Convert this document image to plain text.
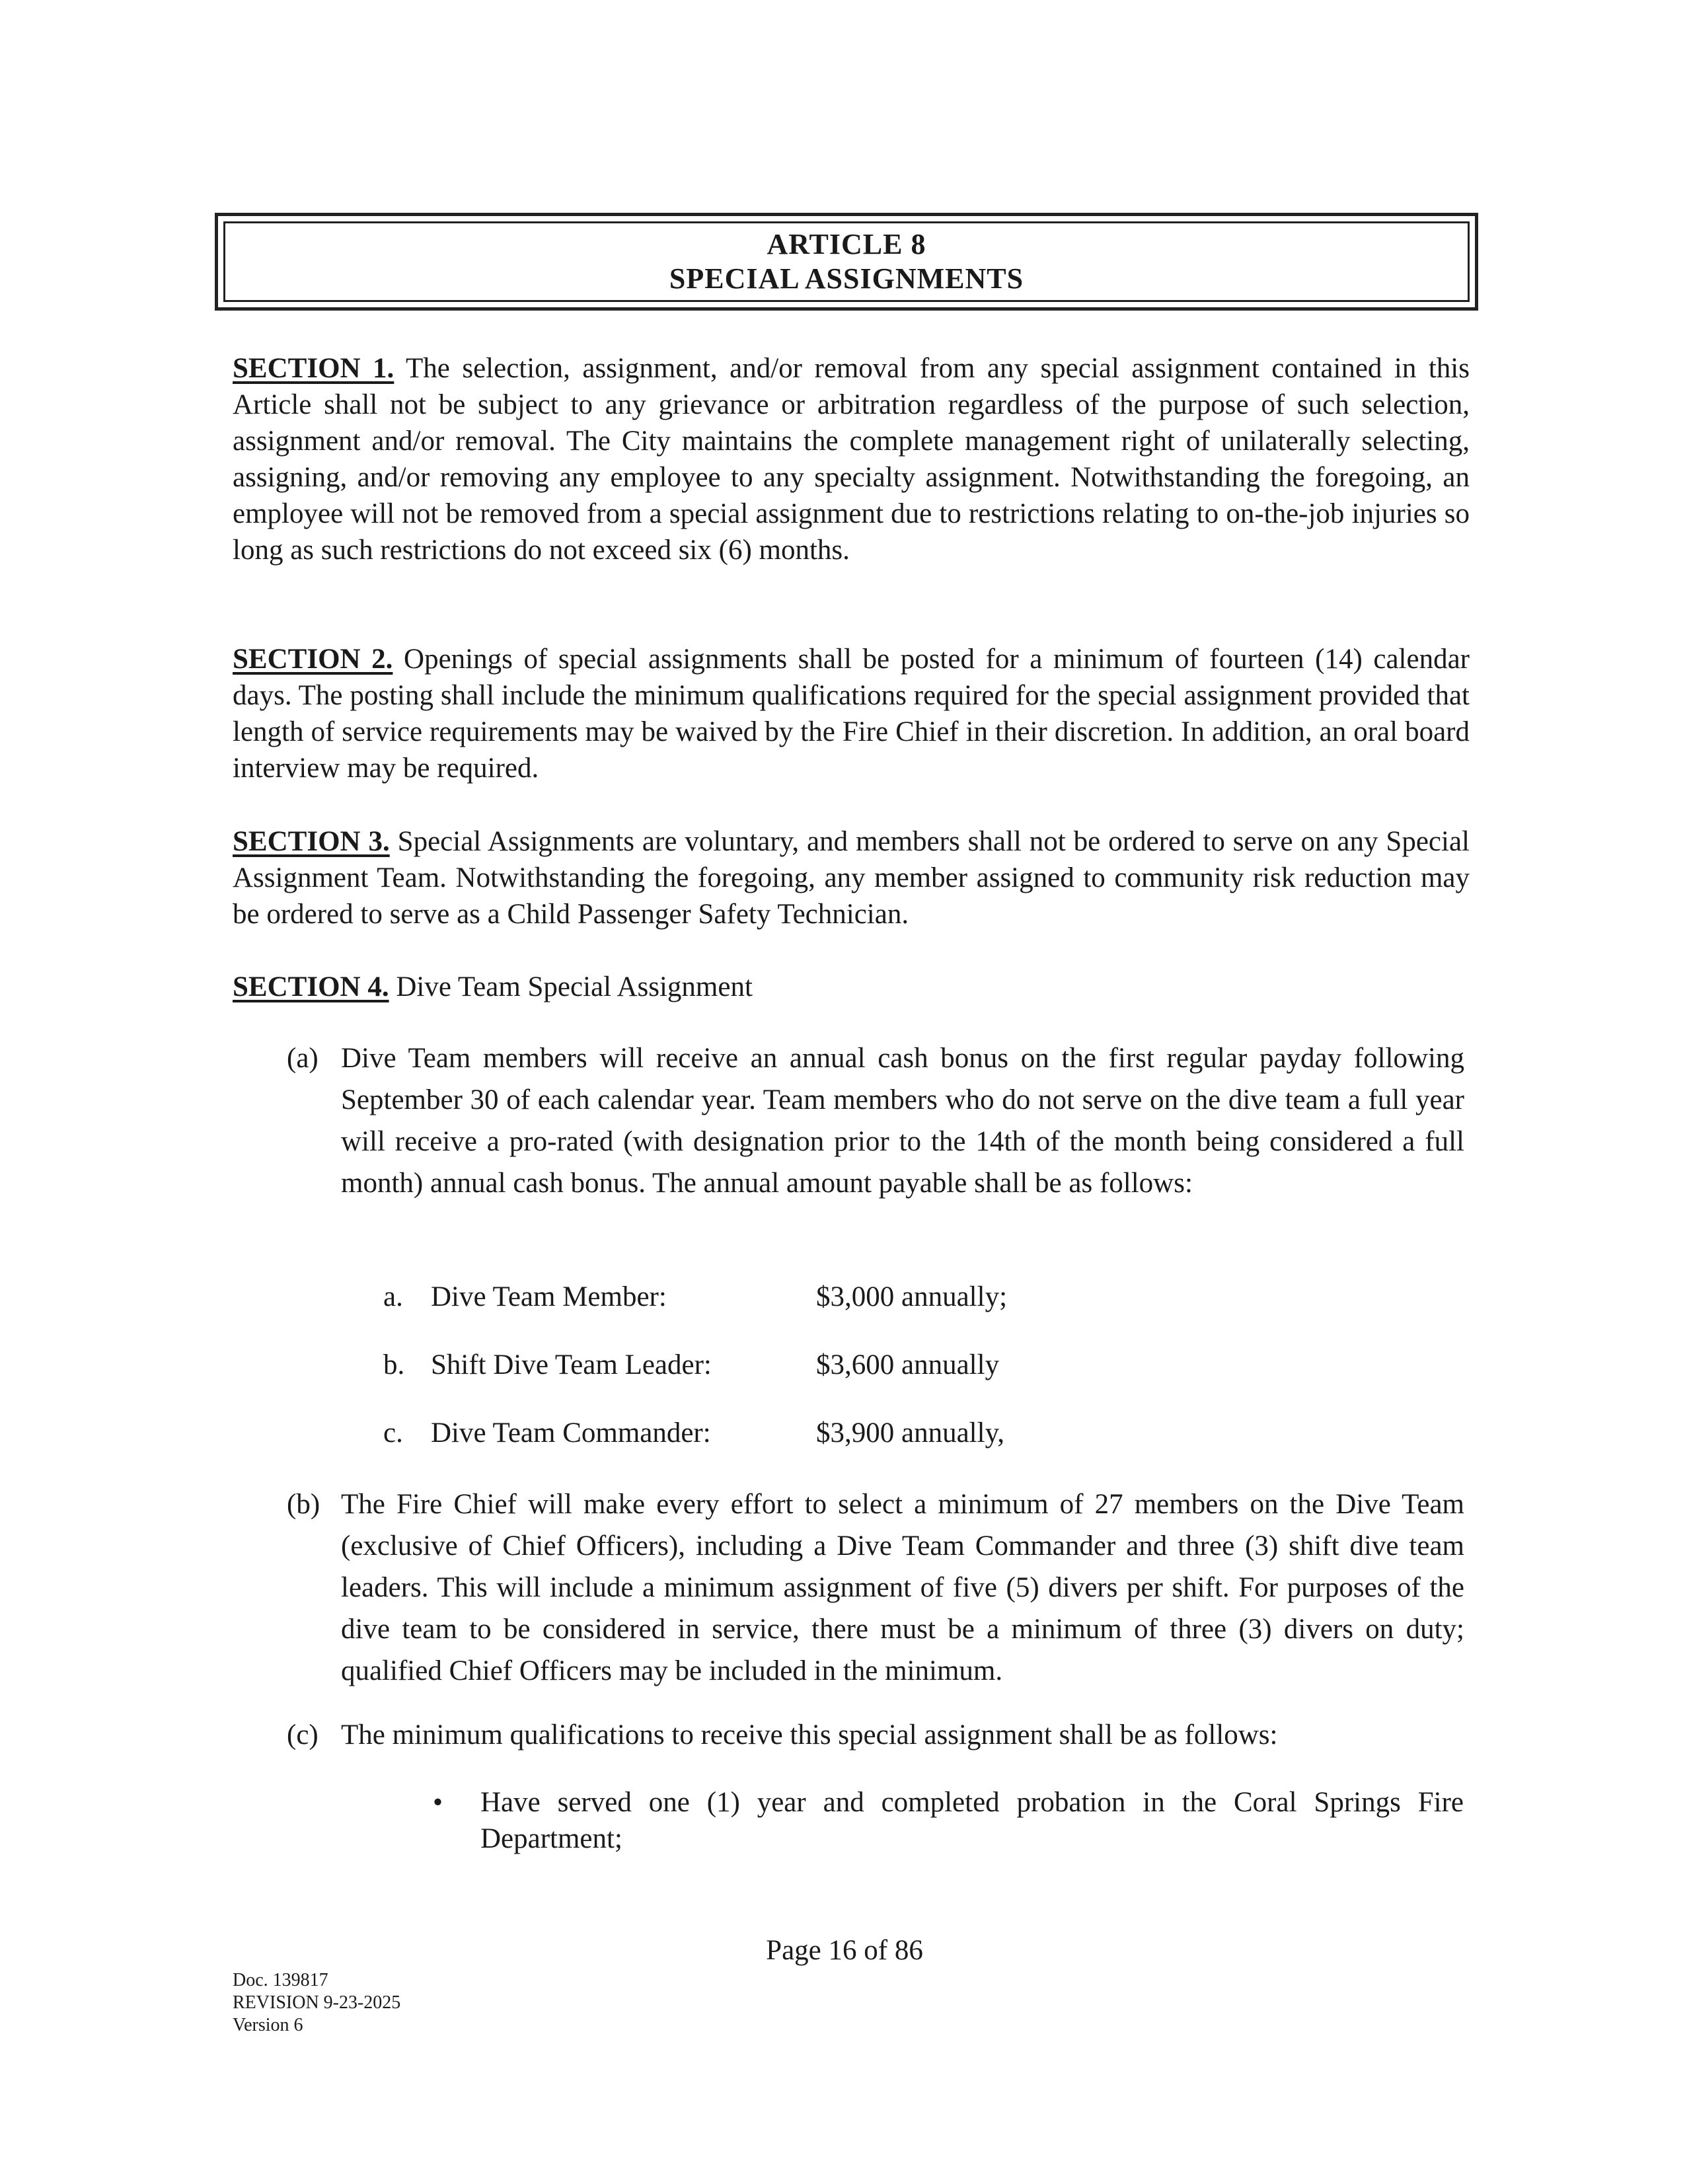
ARTICLE 8
SPECIAL ASSIGNMENTS
SECTION 1. The selection, assignment, and/or removal from any special assignment contained in this Article shall not be subject to any grievance or arbitration regardless of the purpose of such selection, assignment and/or removal. The City maintains the complete management right of unilaterally selecting, assigning, and/or removing any employee to any specialty assignment. Notwithstanding the foregoing, an employee will not be removed from a special assignment due to restrictions relating to on-the-job injuries so long as such restrictions do not exceed six (6) months.
SECTION 2. Openings of special assignments shall be posted for a minimum of fourteen (14) calendar days. The posting shall include the minimum qualifications required for the special assignment provided that length of service requirements may be waived by the Fire Chief in their discretion. In addition, an oral board interview may be required.
SECTION 3. Special Assignments are voluntary, and members shall not be ordered to serve on any Special Assignment Team. Notwithstanding the foregoing, any member assigned to community risk reduction may be ordered to serve as a Child Passenger Safety Technician.
SECTION 4. Dive Team Special Assignment
(a) Dive Team members will receive an annual cash bonus on the first regular payday following September 30 of each calendar year. Team members who do not serve on the dive team a full year will receive a pro-rated (with designation prior to the 14th of the month being considered a full month) annual cash bonus. The annual amount payable shall be as follows:
a. Dive Team Member:	$3,000 annually;
b. Shift Dive Team Leader:	$3,600 annually
c. Dive Team Commander:	$3,900 annually,
(b) The Fire Chief will make every effort to select a minimum of 27 members on the Dive Team (exclusive of Chief Officers), including a Dive Team Commander and three (3) shift dive team leaders. This will include a minimum assignment of five (5) divers per shift. For purposes of the dive team to be considered in service, there must be a minimum of three (3) divers on duty; qualified Chief Officers may be included in the minimum.
(c) The minimum qualifications to receive this special assignment shall be as follows:
• Have served one (1) year and completed probation in the Coral Springs Fire Department;
Page 16 of 86
Doc. 139817
REVISION 9-23-2025
Version 6
